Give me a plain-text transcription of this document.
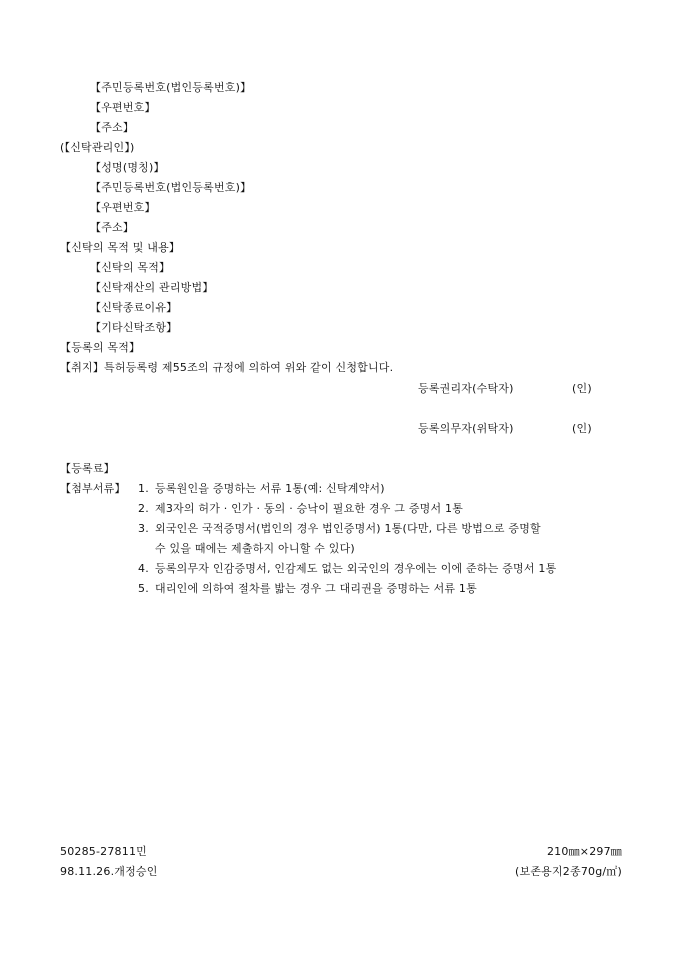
【주민등록번호(법인등록번호)】
【우편번호】
【주소】
(【신탁관리인】)
【성명(명칭)】
【주민등록번호(법인등록번호)】
【우편번호】
【주소】
【신탁의 목적 및 내용】
【신탁의 목적】
【신탁재산의 관리방법】
【신탁종료이유】
【기타신탁조항】
【등록의 목적】
【취지】특허등록령 제55조의 규정에 의하여 위와 같이 신청합니다.
등록권리자(수탁자)	(인)
등록의무자(위탁자)	(인)
【등록료】
【첨부서류】 1. 등록원인을 증명하는 서류 1통(예: 신탁계약서)
2. 제3자의 허가 · 인가 · 동의 · 승낙이 필요한 경우 그 증명서 1통
3. 외국인은 국적증명서(법인의 경우 법인증명서) 1통(다만, 다른 방법으로 증명할
수 있을 때에는 제출하지 아니할 수 있다)
4. 등록의무자 인감증명서, 인감제도 없는 외국인의 경우에는 이에 준하는 증명서 1통
5. 대리인에 의하여 절차를 밟는 경우 그 대리권을 증명하는 서류 1통
50285-27811민
98.11.26.개정승인
210㎜×297㎜
(보존용지2종70g/㎡)
